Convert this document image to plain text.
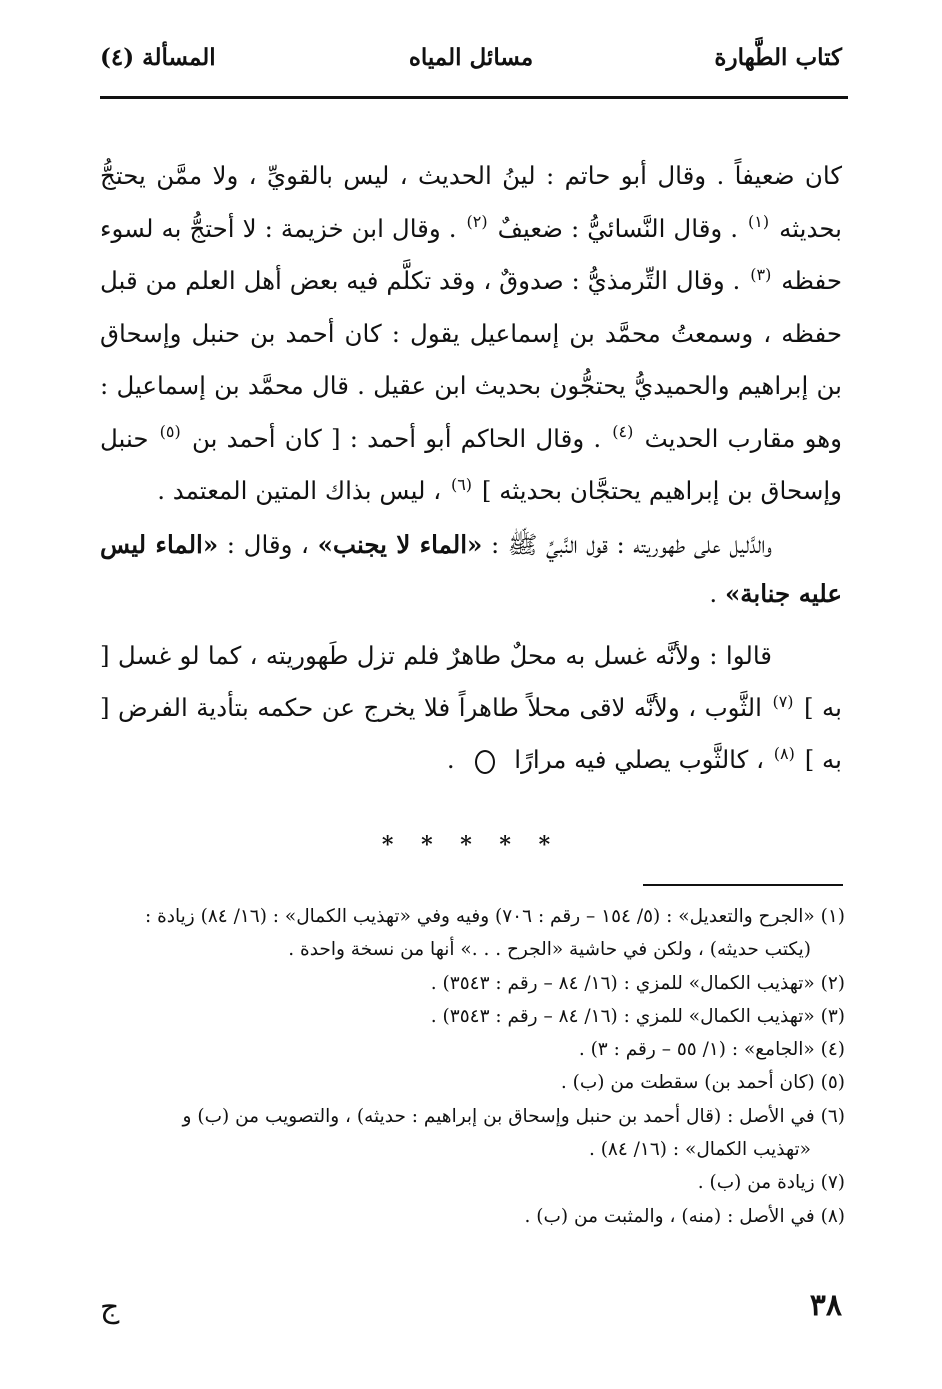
كتاب الطَّهارة
مسائل المياه
المسألة (٤)

كان ضعيفاً . وقال أبو حاتم : لينُ الحديث ، ليس بالقويِّ ، ولا ممَّن يحتجُّ بحديثه $^{(١)}$ . وقال النَّسائيُّ : ضعيفٌ $^{(٢)}$ . وقال ابن خزيمة : لا أحتجُّ به لسوء حفظه $^{(٣)}$ . وقال التِّرمذيُّ : صدوقٌ ، وقد تكلَّم فيه بعض أهل العلم من قبل حفظه ، وسمعتُ محمَّد بن إسماعيل يقول : كان أحمد بن حنبل وإسحاق بن إبراهيم والحميديُّ يحتجُّون بحديث ابن عقيل . قال محمَّد بن إسماعيل : وهو مقارب الحديث $^{(٤)}$ . وقال الحاكم أبو أحمد : [ كان أحمد بن $^{(٥)}$ حنبل وإسحاق بن إبراهيم يحتجَّان بحديثه ] $^{(٦)}$ ، ليس بذاك المتين المعتمد .

والدَّليل على طهوريته : قول النَّبيِّ ﷺ : «الماء لا يجنب» ، وقال : «الماء ليس عليه جنابة» .

قالوا : ولأنَّه غسل به محلٌ طاهرٌ فلم تزل طَهوريته ، كما لو غسل [ به ] $^{(٧)}$ الثَّوب ، ولأنَّه لاقى محلاً طاهراً فلا يخرج عن حكمه بتأدية الفرض [ به ] $^{(٨)}$ ، كالثَّوب يصلي فيه مرارًا  .

* * * * *

(١) «الجرح والتعديل» : (٥/ ١٥٤ – رقم : ٧٠٦) وفيه وفي «تهذيب الكمال» : (١٦/ ٨٤) زيادة :

(يكتب حديثه) ، ولكن في حاشية «الجرح . . .» أنها من نسخة واحدة .

(٢) «تهذيب الكمال» للمزي : (١٦/ ٨٤ – رقم : ٣٥٤٣) .

(٣) «تهذيب الكمال» للمزي : (١٦/ ٨٤ – رقم : ٣٥٤٣) .

(٤) «الجامع» : (١/ ٥٥ – رقم : ٣) .

(٥) (كان أحمد بن) سقطت من (ب) .

(٦) في الأصل : (قال أحمد بن حنبل وإسحاق بن إبراهيم : حديثه) ، والتصويب من (ب) و

«تهذيب الكمال» : (١٦/ ٨٤) .

(٧) زيادة من (ب) .

(٨) في الأصل : (منه) ، والمثبت من (ب) .

٣٨
ج
